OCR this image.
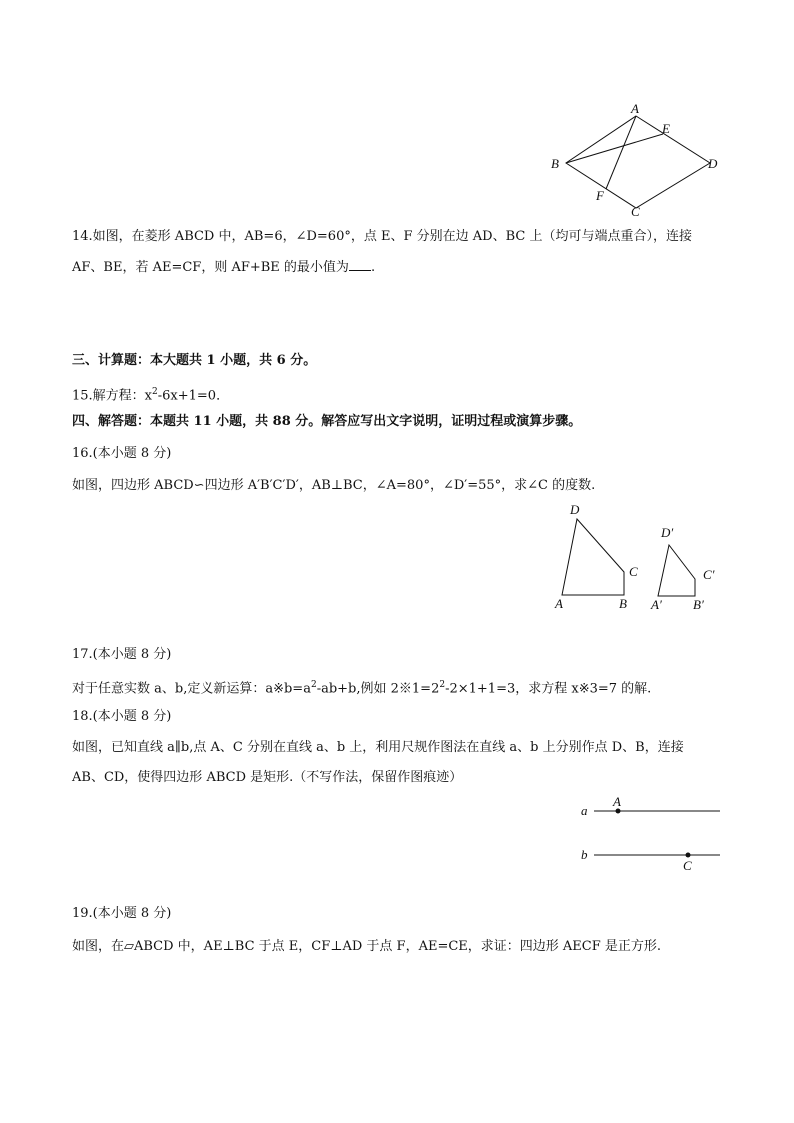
A
E
B	D
F
C
14.如图，在菱形 ABCD 中，AB=6，∠D=60°，点 E、F 分别在边 AD、BC 上（均可与端点重合），连接
AF、BE，若 AE=CF，则 AF+BE 的最小值为 .
三、计算题：本大题共 1 小题，共 6 分。
15.解方程：$x^2-6x+1=0$．
四、解答题：本题共 11 小题，共 88 分。解答应写出文字说明，证明过程或演算步骤。
16.(本小题 8 分)
如图，四边形 ABCD∽四边形 A′B′C′D′，AB⊥BC，∠A=80°，∠D′=55°，求∠C 的度数.
D
C
A	B
D′
C′
A′ B′
17.(本小题 8 分)
对于任意实数 a、b,定义新运算：$a※b=a^2-ab+b$,例如 $2※1=2^2-2\times 1+1=3$，求方程 x※3=7 的解.
18.(本小题 8 分)
如图，已知直线 a∥b,点 A、C 分别在直线 a、b 上，利用尺规作图法在直线 a、b 上分别作点 D、B，连接
AB、CD，使得四边形 ABCD 是矩形.（不写作法，保留作图痕迹）
a
b
A
C
19.(本小题 8 分)
如图，在▱ABCD 中，AE⊥BC 于点 E，CF⊥AD 于点 F，AE=CE，求证：四边形 AECF 是正方形.
